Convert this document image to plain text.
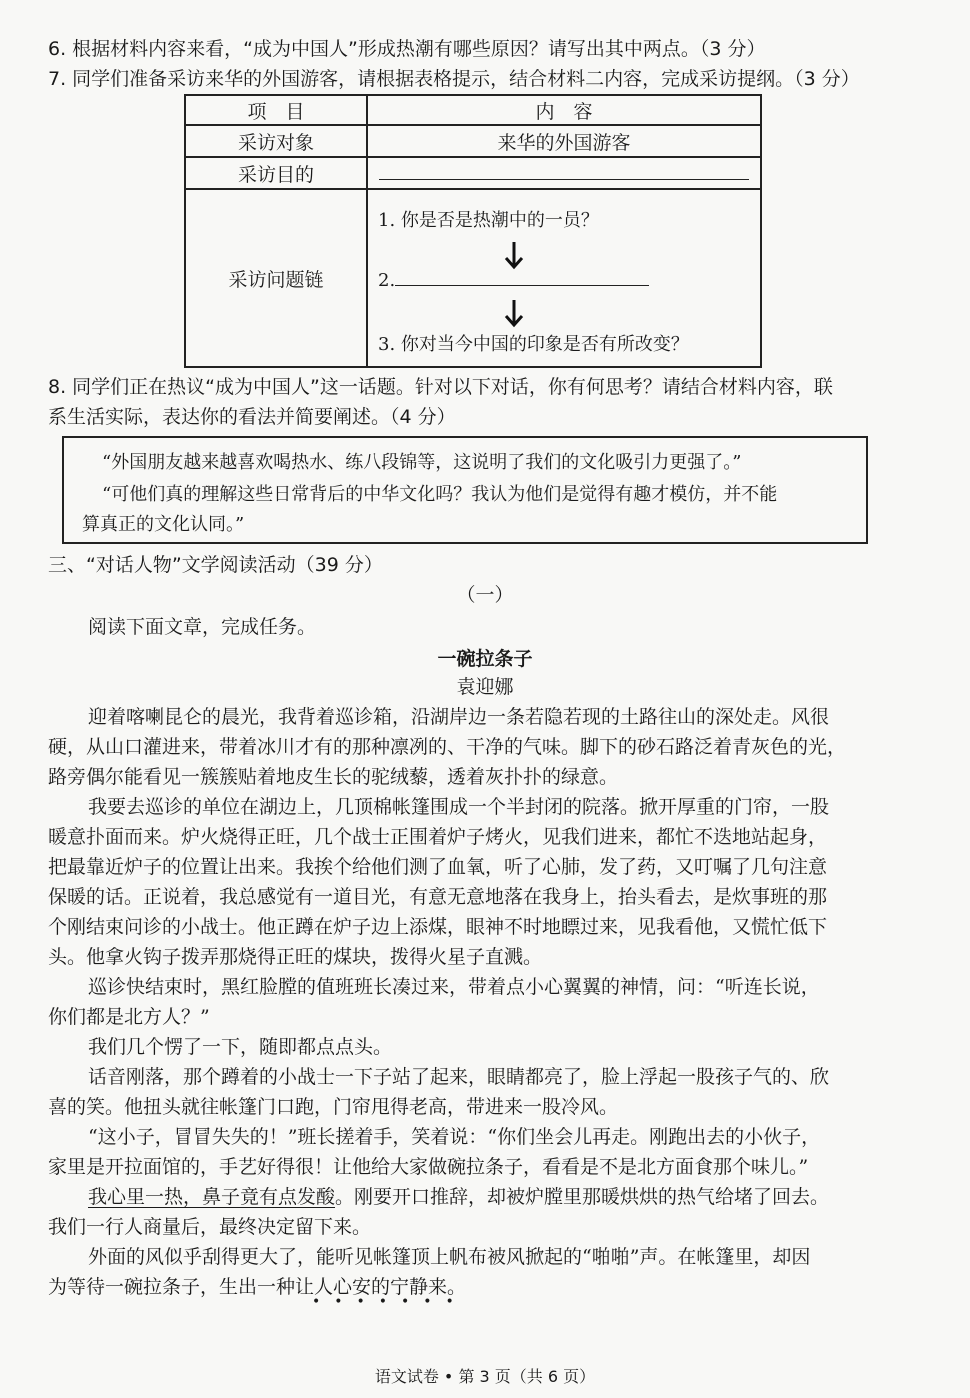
6. 根据材料内容来看，“成为中国人”形成热潮有哪些原因？请写出其中两点。（3 分）
7. 同学们准备采访来华的外国游客，请根据表格提示，结合材料二内容，完成采访提纲。（3 分）
项　目	内　容
采访对象	来华的外国游客
采访目的	
采访问题链	1. 你是否是热潮中的一员？
2.
3. 你对当今中国的印象是否有所改变？
8. 同学们正在热议“成为中国人”这一话题。针对以下对话，你有何思考？请结合材料内容，联
系生活实际，表达你的看法并简要阐述。（4 分）
“外国朋友越来越喜欢喝热水、练八段锦等，这说明了我们的文化吸引力更强了。”
“可他们真的理解这些日常背后的中华文化吗？我认为他们是觉得有趣才模仿，并不能
算真正的文化认同。”
三、“对话人物”文学阅读活动（39 分）
（一）
阅读下面文章，完成任务。
一碗拉条子
袁迎娜
迎着喀喇昆仑的晨光，我背着巡诊箱，沿湖岸边一条若隐若现的土路往山的深处走。风很
硬，从山口灌进来，带着冰川才有的那种凛冽的、干净的气味。脚下的砂石路泛着青灰色的光，
路旁偶尔能看见一簇簇贴着地皮生长的驼绒藜，透着灰扑扑的绿意。
我要去巡诊的单位在湖边上，几顶棉帐篷围成一个半封闭的院落。掀开厚重的门帘，一股
暖意扑面而来。炉火烧得正旺，几个战士正围着炉子烤火，见我们进来，都忙不迭地站起身，
把最靠近炉子的位置让出来。我挨个给他们测了血氧，听了心肺，发了药，又叮嘱了几句注意
保暖的话。正说着，我总感觉有一道目光，有意无意地落在我身上，抬头看去，是炊事班的那
个刚结束问诊的小战士。他正蹲在炉子边上添煤，眼神不时地瞟过来，见我看他，又慌忙低下
头。他拿火钩子拨弄那烧得正旺的煤块，拨得火星子直溅。
巡诊快结束时，黑红脸膛的值班班长凑过来，带着点小心翼翼的神情，问：“听连长说，
你们都是北方人？”
我们几个愣了一下，随即都点点头。
话音刚落，那个蹲着的小战士一下子站了起来，眼睛都亮了，脸上浮起一股孩子气的、欣
喜的笑。他扭头就往帐篷门口跑，门帘甩得老高，带进来一股冷风。
“这小子，冒冒失失的！”班长搓着手，笑着说：“你们坐会儿再走。刚跑出去的小伙子，
家里是开拉面馆的，手艺好得很！让他给大家做碗拉条子，看看是不是北方面食那个味儿。”
我心里一热，鼻子竟有点发酸。刚要开口推辞，却被炉膛里那暖烘烘的热气给堵了回去。
我们一行人商量后，最终决定留下来。
外面的风似乎刮得更大了，能听见帐篷顶上帆布被风掀起的“啪啪”声。在帐篷里，却因
为等待一碗拉条子，生出一种让人心安的宁静来。
•••••••
语文试卷 • 第 3 页（共 6 页）
